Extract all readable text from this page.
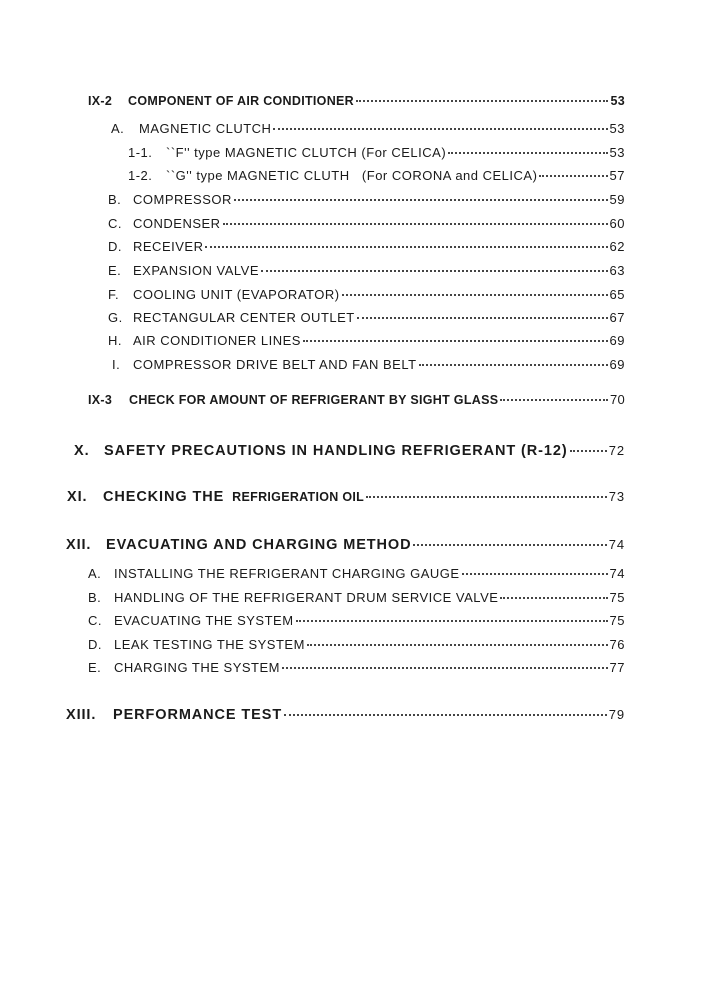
IX-2	COMPONENT OF AIR CONDITIONER	53
A.	MAGNETIC CLUTCH	53
1-1.	``F'' type MAGNETIC CLUTCH (For CELICA)	53
1-2.	``G'' type MAGNETIC CLUTH   (For CORONA and CELICA)	57
B. COMPRESSOR	59
C. CONDENSER	60
D. RECEIVER	62
E. EXPANSION VALVE	63
F.	COOLING UNIT (EVAPORATOR)	65
G. RECTANGULAR CENTER OUTLET	67
H. AIR CONDITIONER LINES	69
I. COMPRESSOR DRIVE BELT AND FAN BELT	69
IX-3	CHECK FOR AMOUNT OF REFRIGERANT BY SIGHT GLASS	70
X.	SAFETY PRECAUTIONS IN HANDLING REFRIGERANT (R-12)	72
XI.	CHECKING THE REFRIGERATION OIL	73
XII.	EVACUATING AND CHARGING METHOD	74
A. INSTALLING THE REFRIGERANT CHARGING GAUGE	74
B. HANDLING OF THE REFRIGERANT DRUM SERVICE VALVE	75
C. EVACUATING THE SYSTEM	75
D. LEAK TESTING THE SYSTEM	76
E. CHARGING THE SYSTEM	77
XIII.	PERFORMANCE TEST	79
